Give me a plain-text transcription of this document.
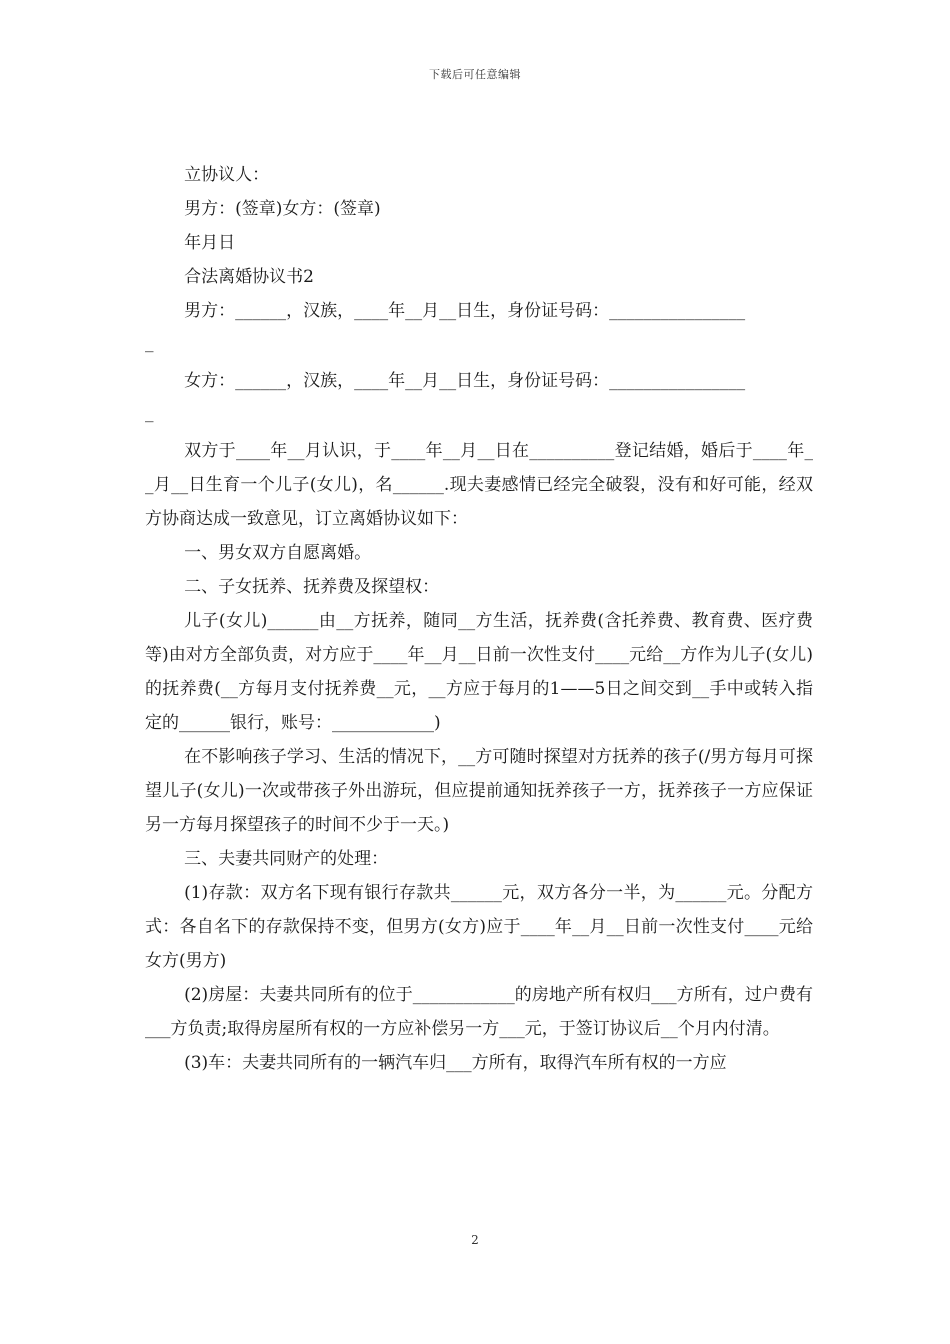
下载后可任意编辑

立协议人：

男方：(签章)女方：(签章)

年月日

合法离婚协议书2

男方：______，汉族，____年__月__日生，身份证号码：________________

_

女方：______，汉族，____年__月__日生，身份证号码：________________

_

双方于____年__月认识，于____年__月__日在__________登记结婚，婚后于____年__月__日生育一个儿子(女儿)，名______.现夫妻感情已经完全破裂，没有和好可能，经双方协商达成一致意见，订立离婚协议如下：

一、男女双方自愿离婚。

二、子女抚养、抚养费及探望权：

儿子(女儿)______由__方抚养，随同__方生活，抚养费(含托养费、教育费、医疗费等)由对方全部负责，对方应于____年__月__日前一次性支付____元给__方作为儿子(女儿)的抚养费(__方每月支付抚养费__元，__方应于每月的1——5日之间交到__手中或转入指定的______银行，账号：____________)

在不影响孩子学习、生活的情况下，__方可随时探望对方抚养的孩子(/男方每月可探望儿子(女儿)一次或带孩子外出游玩，但应提前通知抚养孩子一方，抚养孩子一方应保证另一方每月探望孩子的时间不少于一天。)

三、夫妻共同财产的处理：

(1)存款：双方名下现有银行存款共______元，双方各分一半，为______元。分配方式：各自名下的存款保持不变，但男方(女方)应于____年__月__日前一次性支付____元给女方(男方)

(2)房屋：夫妻共同所有的位于____________的房地产所有权归___方所有，过户费有___方负责;取得房屋所有权的一方应补偿另一方___元，于签订协议后__个月内付清。

(3)车：夫妻共同所有的一辆汽车归___方所有，取得汽车所有权的一方应

2
